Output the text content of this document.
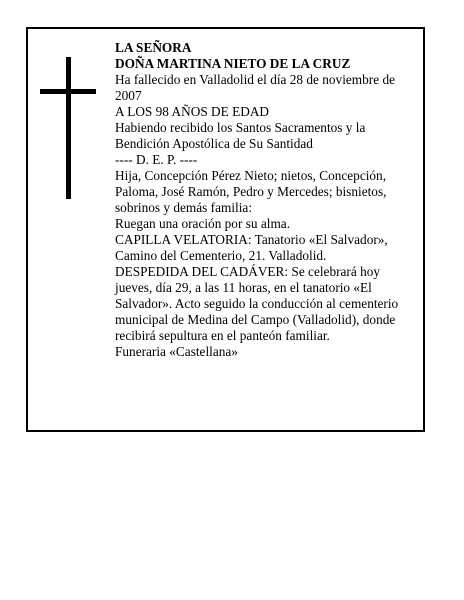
LA SEÑORA

DOÑA MARTINA NIETO DE LA CRUZ

Ha fallecido en Valladolid el día 28 de noviembre de 2007

A LOS 98 AÑOS DE EDAD

Habiendo recibido los Santos Sacramentos y la Bendición Apostólica de Su Santidad

---- D. E. P. ----

Hija, Concepción Pérez Nieto; nietos, Concepción, Paloma, José Ramón, Pedro y Mercedes; bisnietos, sobrinos y demás familia:

Ruegan una oración por su alma.

CAPILLA VELATORIA: Tanatorio «El Salvador», Camino del Cementerio, 21. Valladolid.

DESPEDIDA DEL CADÁVER: Se celebrará hoy jueves, día 29, a las 11 horas, en el tanatorio «El Salvador». Acto seguido la conducción al cementerio municipal de Medina del Campo (Valladolid), donde recibirá sepultura en el panteón familiar.

Funeraria «Castellana»
